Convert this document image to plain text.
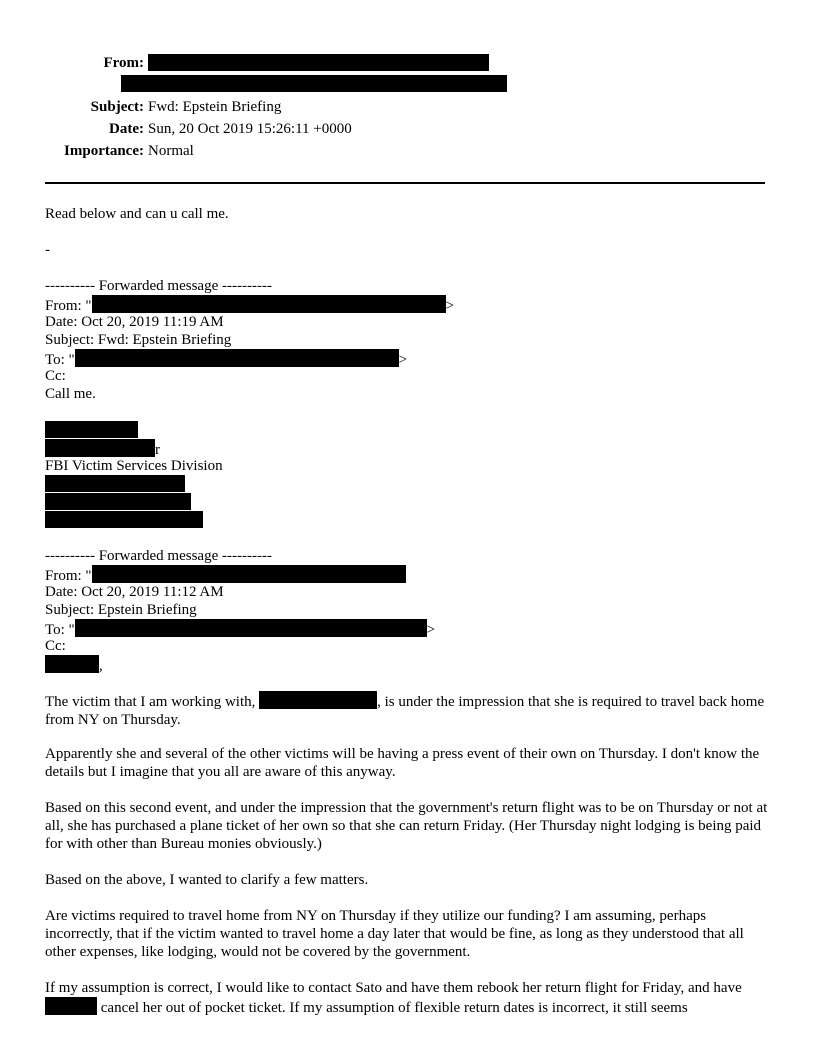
From:
Subject: Fwd: Epstein Briefing
Date: Sun, 20 Oct 2019 15:26:11 +0000
Importance: Normal
Read below and can u call me.
-
---------- Forwarded message ----------
From: "	>
Date: Oct 20, 2019 11:19 AM
Subject: Fwd: Epstein Briefing
To: "	>
Cc:
Call me.
r
FBI Victim Services Division
---------- Forwarded message ----------
From: "
Date: Oct 20, 2019 11:12 AM
Subject: Epstein Briefing
To: "	>
Cc:
,
The victim that I am working with,	, is under the impression that she is required to travel back home from NY on Thursday.
Apparently she and several of the other victims will be having a press event of their own on Thursday. I don't know the details but I imagine that you all are aware of this anyway.
Based on this second event, and under the impression that the government's return flight was to be on Thursday or not at all, she has purchased a plane ticket of her own so that she can return Friday. (Her Thursday night lodging is being paid for with other than Bureau monies obviously.)
Based on the above, I wanted to clarify a few matters.
Are victims required to travel home from NY on Thursday if they utilize our funding? I am assuming, perhaps incorrectly, that if the victim wanted to travel home a day later that would be fine, as long as they understood that all other expenses, like lodging, would not be covered by the government.
If my assumption is correct, I would like to contact Sato and have them rebook her return flight for Friday, and have  cancel her out of pocket ticket. If my assumption of flexible return dates is incorrect, it still seems
